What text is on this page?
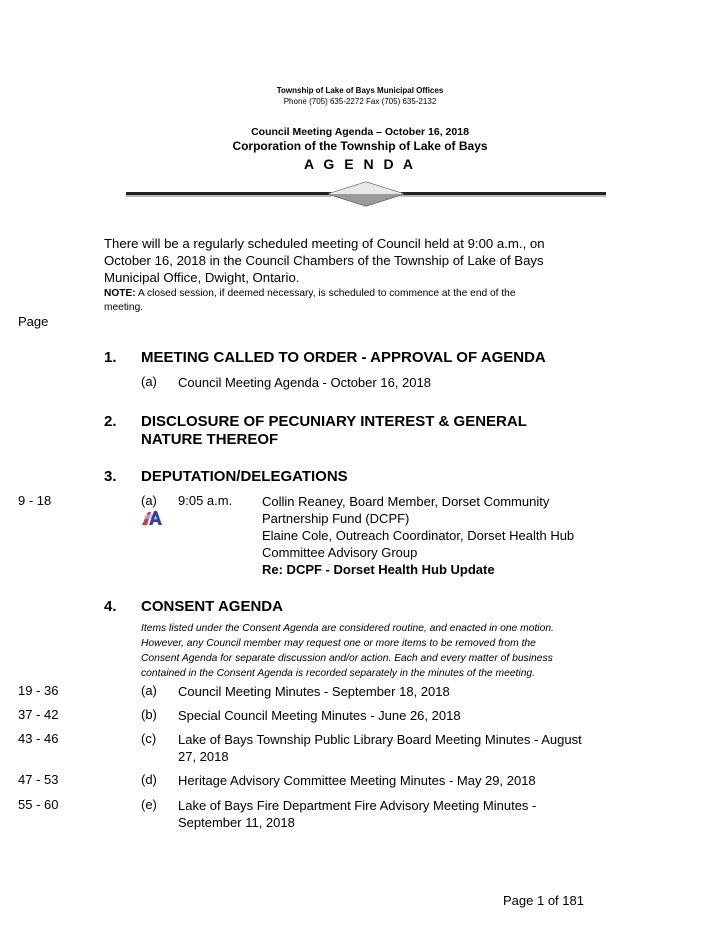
Township of Lake of Bays Municipal Offices
Phone (705) 635-2272 Fax (705) 635-2132
Council Meeting Agenda – October 16, 2018
Corporation of the Township of Lake of Bays
A G E N D A
There will be a regularly scheduled meeting of Council held at 9:00 a.m., on
October 16, 2018 in the Council Chambers of the Township of Lake of Bays
Municipal Office, Dwight, Ontario.
NOTE: A closed session, if deemed necessary, is scheduled to commence at the end of the
meeting.
Page
1. MEETING CALLED TO ORDER - APPROVAL OF AGENDA
(a) Council Meeting Agenda - October 16, 2018
2. DISCLOSURE OF PECUNIARY INTEREST & GENERAL
NATURE THEREOF
3. DEPUTATION/DELEGATIONS
9 - 18	(a) 9:05 a.m. Collin Reaney, Board Member, Dorset Community
Partnership Fund (DCPF)
Elaine Cole, Outreach Coordinator, Dorset Health Hub
Committee Advisory Group
Re: DCPF - Dorset Health Hub Update
4. CONSENT AGENDA
Items listed under the Consent Agenda are considered routine, and enacted in one motion.
However, any Council member may request one or more items to be removed from the
Consent Agenda for separate discussion and/or action. Each and every matter of business
contained in the Consent Agenda is recorded separately in the minutes of the meeting.
19 - 36	(a) Council Meeting Minutes - September 18, 2018
37 - 42	(b) Special Council Meeting Minutes - June 26, 2018
43 - 46	(c) Lake of Bays Township Public Library Board Meeting Minutes - August
27, 2018
47 - 53	(d) Heritage Advisory Committee Meeting Minutes - May 29, 2018
55 - 60	(e) Lake of Bays Fire Department Fire Advisory Meeting Minutes -
September 11, 2018
Page 1 of 181
